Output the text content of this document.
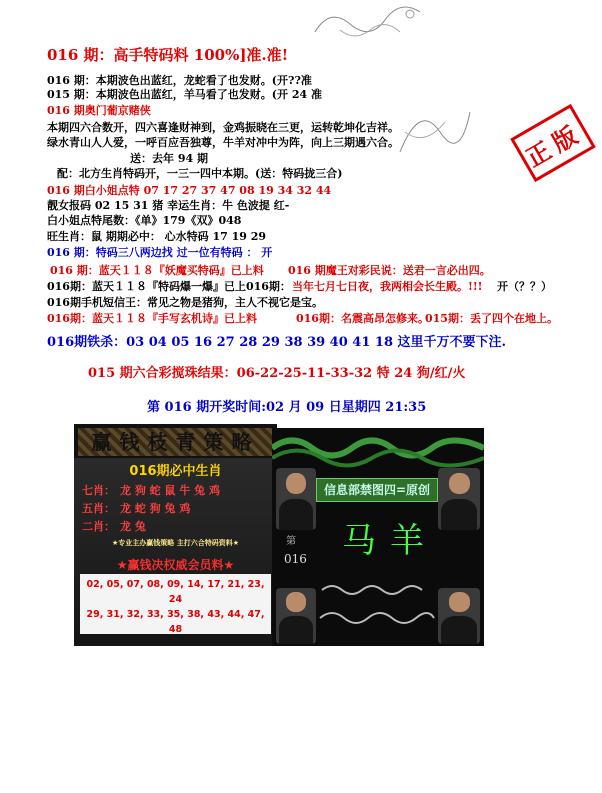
正版
016 期：高手特码料 100%]准.准!
016 期：本期波色出蓝红，龙蛇看了也发财。(开??准
015 期：本期波色出蓝红，羊马看了也发财。(开 24 准
016 期奥门葡京赌侠
本期四六合数开，四六喜逢财神到，金鸡振晓在三更，运转乾坤化吉祥。
绿水青山人人爱，一呼百应吾独尊，牛羊对冲中为阵，向上三期遇六合。
送：去年 94 期
配：北方生肖特码开，一三一四中本期。(送：特码拢三合)
016 期白小姐点特 07 17 27 37 47 08 19 34 32 44
靓女报码 02 15 31 猪 幸运生肖：牛 色波提 红-
白小姐点特尾数：《单》179《双》048
旺生肖：鼠 期期必中： 心水特码 17 19 29
016 期：特码三八两边找 过一位有特码 ： 开
016 期：蓝天１１８『妖魔买特码』已上料 016 期魔王对彩民说：送君一言必出四。
016期：蓝天１１８『特码爆一爆』已上016期： 当年七月七日夜，我两相会长生殿。!!! 开（？？）
016期手机短信王：常见之物是猪狗，主人不视它是宝。
016期：蓝天１１８『手写玄机诗』已上料	016期：名震高昂怎修来。
015期：丢了四个在地上。
016期铁杀：03 04 05 16 27 28 29 38 39 40 41 18 这里千万不要下注.
015 期六合彩搅珠结果：06-22-25-11-33-32 特 24 狗/红/火
第 016 期开奖时间:02 月 09 日星期四 21:35
赢钱枝青策略
016期必中生肖
七肖： 龙 狗 蛇 鼠 牛 兔 鸡
五肖： 龙 蛇 狗 兔 鸡
二肖： 龙 兔
★专业主办赢钱策略 主打六合特码资料★
★赢钱决权威会员料★
02, 05, 07, 08, 09, 14, 17, 21, 23, 24
29, 31, 32, 33, 35, 38, 43, 44, 47, 48
信息部禁图四=原创
第
016 马 羊
